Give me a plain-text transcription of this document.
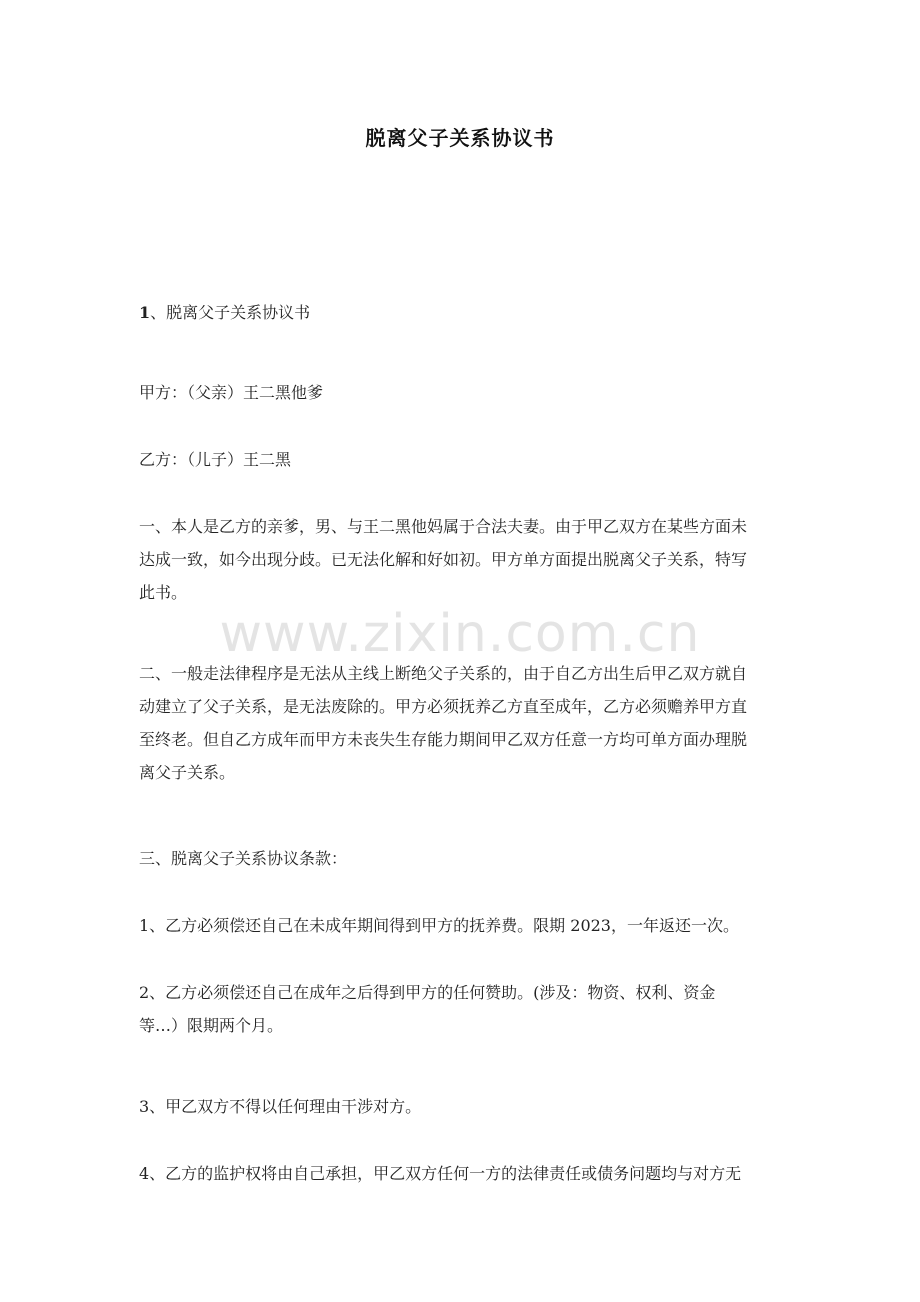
脱离父子关系协议书

1、脱离父子关系协议书

甲方：（父亲）王二黑他爹

乙方：（儿子）王二黑

一、本人是乙方的亲爹，男、与王二黑他妈属于合法夫妻。由于甲乙双方在某些方面未
达成一致，如今出现分歧。已无法化解和好如初。甲方单方面提出脱离父子关系，特写
此书。

二、一般走法律程序是无法从主线上断绝父子关系的，由于自乙方出生后甲乙双方就自
动建立了父子关系，是无法废除的。甲方必须抚养乙方直至成年，乙方必须赡养甲方直
至终老。但自乙方成年而甲方未丧失生存能力期间甲乙双方任意一方均可单方面办理脱
离父子关系。

三、脱离父子关系协议条款：

1、乙方必须偿还自己在未成年期间得到甲方的抚养费。限期 2023，一年返还一次。

2、乙方必须偿还自己在成年之后得到甲方的任何赞助。(涉及：物资、权利、资金
等…）限期两个月。

3、甲乙双方不得以任何理由干涉对方。

4、乙方的监护权将由自己承担，甲乙双方任何一方的法律责任或债务问题均与对方无

www.zixin.com.cn
